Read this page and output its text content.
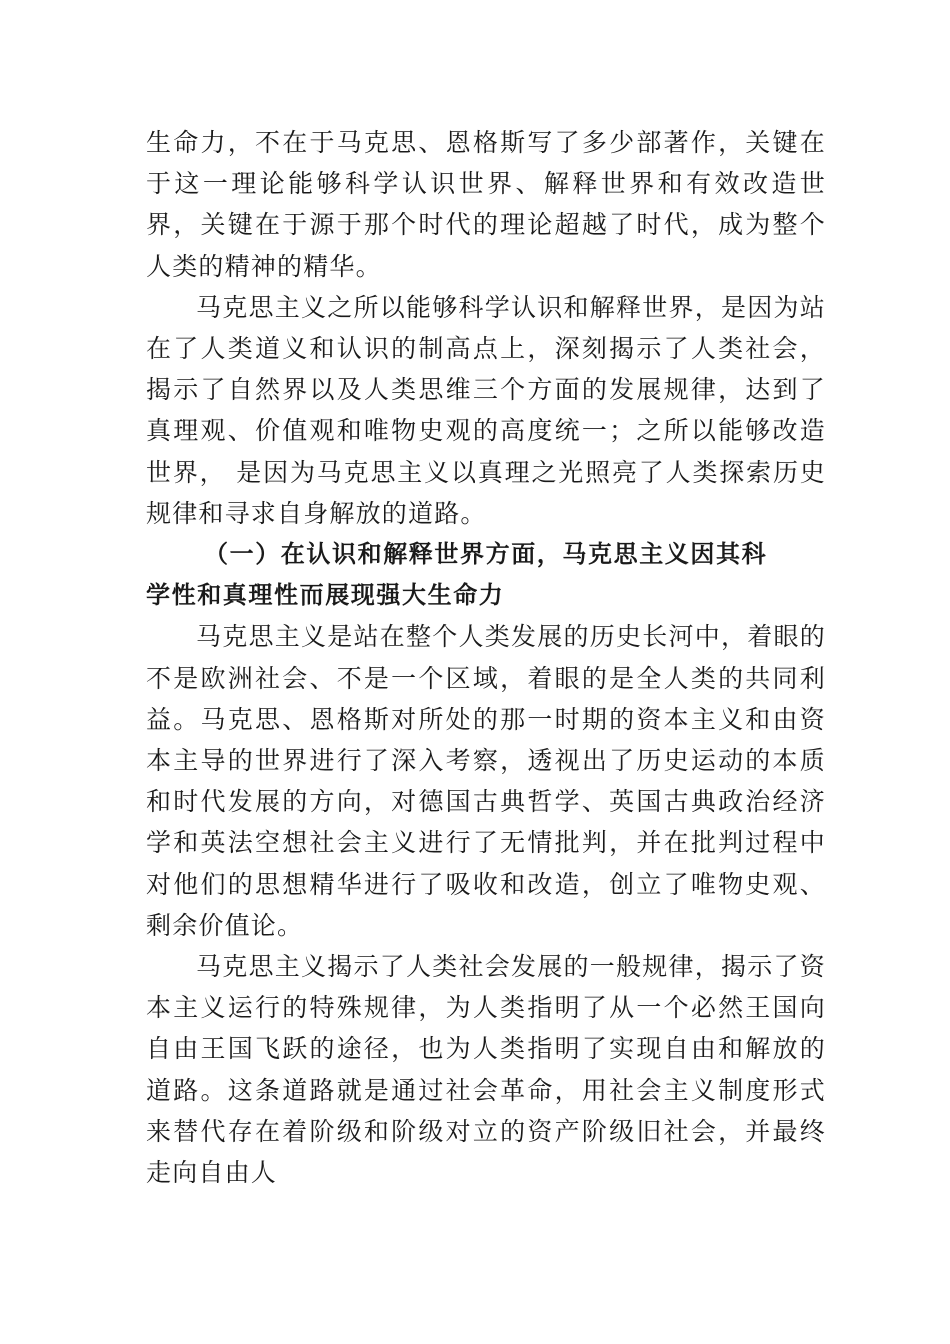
生命力，不在于马克思、恩格斯写了多少部著作，关键在于这一理论能够科学认识世界、解释世界和有效改造世界，关键在于源于那个时代的理论超越了时代，成为整个人类的精神的精华。

马克思主义之所以能够科学认识和解释世界，是因为站在了人类道义和认识的制高点上，深刻揭示了人类社会，揭示了自然界以及人类思维三个方面的发展规律，达到了真理观、价值观和唯物史观的高度统一；之所以能够改造世界， 是因为马克思主义以真理之光照亮了人类探索历史规律和寻求自身解放的道路。

（一）在认识和解释世界方面，马克思主义因其科
学性和真理性而展现强大生命力

马克思主义是站在整个人类发展的历史长河中，着眼的不是欧洲社会、不是一个区域，着眼的是全人类的共同利益。马克思、恩格斯对所处的那一时期的资本主义和由资本主导的世界进行了深入考察，透视出了历史运动的本质和时代发展的方向，对德国古典哲学、英国古典政治经济学和英法空想社会主义进行了无情批判，并在批判过程中对他们的思想精华进行了吸收和改造，创立了唯物史观、剩余价值论。

马克思主义揭示了人类社会发展的一般规律，揭示了资本主义运行的特殊规律，为人类指明了从一个必然王国向自由王国飞跃的途径，也为人类指明了实现自由和解放的道路。这条道路就是通过社会革命，用社会主义制度形式来替代存在着阶级和阶级对立的资产阶级旧社会，并最终走向自由人
